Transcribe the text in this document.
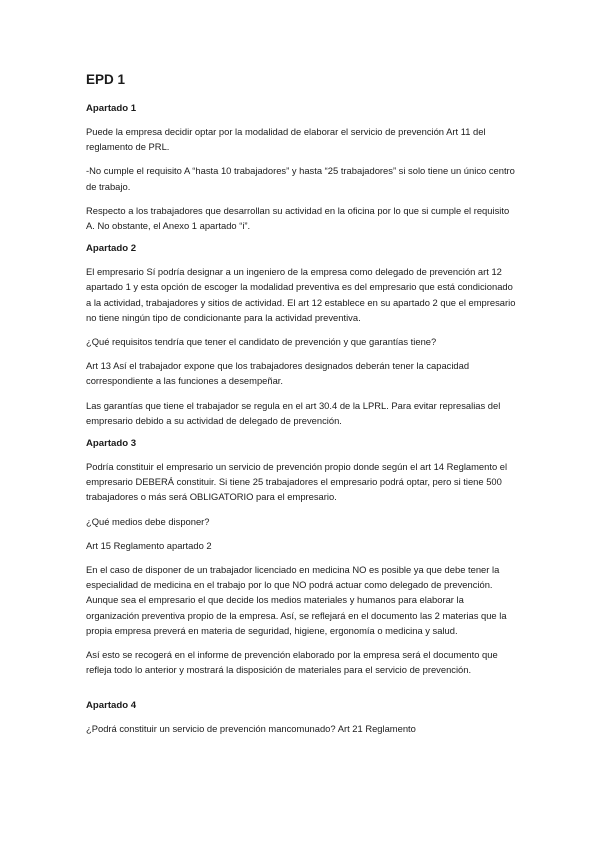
EPD 1
Apartado 1
Puede la empresa decidir optar por la modalidad de elaborar el servicio de prevención Art 11 del reglamento de PRL.
-No cumple el requisito A “hasta 10 trabajadores” y hasta “25 trabajadores” si solo tiene un único centro de trabajo.
Respecto a los trabajadores que desarrollan su actividad en la oficina por lo que si cumple el requisito A. No obstante, el Anexo 1 apartado “i”.
Apartado 2
El empresario Sí podría designar a un ingeniero de la empresa como delegado de prevención art 12 apartado 1 y esta opción de escoger la modalidad preventiva es del empresario que está condicionado a la actividad, trabajadores y sitios de actividad. El art 12 establece en su apartado 2 que el empresario no tiene ningún tipo de condicionante para la actividad preventiva.
¿Qué requisitos tendría que tener el candidato de prevención y que garantías tiene?
Art 13 Así el trabajador expone que los trabajadores designados deberán tener la capacidad correspondiente a las funciones a desempeñar.
Las garantías que tiene el trabajador se regula en el art 30.4 de la LPRL. Para evitar represalias del empresario debido a su actividad de delegado de prevención.
Apartado 3
Podría constituir el empresario un servicio de prevención propio donde según el art 14 Reglamento el empresario DEBERÁ constituir. Si tiene 25 trabajadores el empresario podrá optar, pero si tiene 500 trabajadores o más será OBLIGATORIO para el empresario.
¿Qué medios debe disponer?
Art 15 Reglamento apartado 2
En el caso de disponer de un trabajador licenciado en medicina NO es posible ya que debe tener la especialidad de medicina en el trabajo por lo que NO podrá actuar como delegado de prevención. Aunque sea el empresario el que decide los medios materiales y humanos para elaborar la organización preventiva propio de la empresa. Así, se reflejará en el documento las 2 materias que la propia empresa preverá en materia de seguridad, higiene, ergonomía o medicina y salud.
Así esto se recogerá en el informe de prevención elaborado por la empresa será el documento que refleja todo lo anterior y mostrará la disposición de materiales para el servicio de prevención.
Apartado 4
¿Podrá constituir un servicio de prevención mancomunado? Art 21 Reglamento
